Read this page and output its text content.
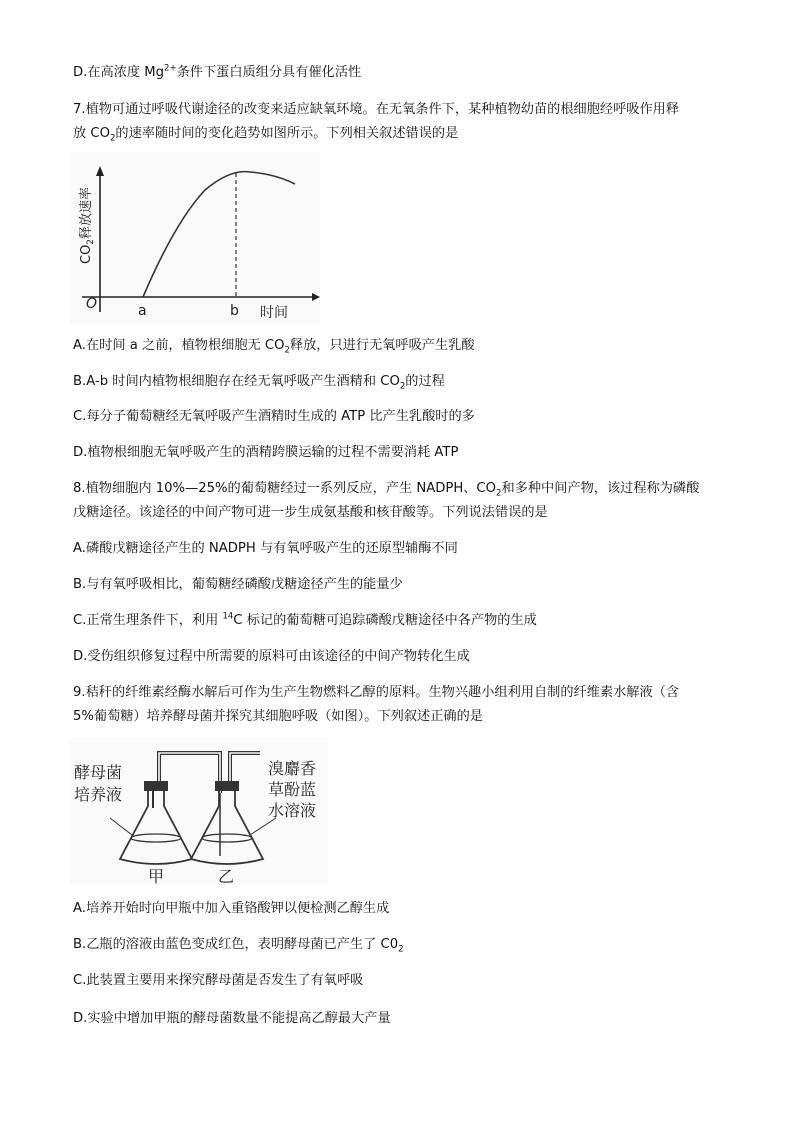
D.在高浓度 $Mg^{2+}$条件下蛋白质组分具有催化活性
7.植物可通过呼吸代谢途径的改变来适应缺氧环境。在无氧条件下，某种植物幼苗的根细胞经呼吸作用释
放 $CO_2$的速率随时间的变化趋势如图所示。下列相关叙述错误的是
O	a	b 时间
$CO_2$释放速率
A.在时间 a 之前，植物根细胞无 $CO_2$释放，只进行无氧呼吸产生乳酸
B.A-b 时间内植物根细胞存在经无氧呼吸产生酒精和 $CO_2$的过程
C.每分子葡萄糖经无氧呼吸产生酒精时生成的 ATP 比产生乳酸时的多
D.植物根细胞无氧呼吸产生的酒精跨膜运输的过程不需要消耗 ATP
8.植物细胞内 10%—25%的葡萄糖经过一系列反应，产生 NADPH、$CO_2$和多种中间产物，该过程称为磷酸
戊糖途径。该途径的中间产物可进一步生成氨基酸和核苷酸等。下列说法错误的是
A.磷酸戊糖途径产生的 NADPH 与有氧呼吸产生的还原型辅酶不同
B.与有氧呼吸相比，葡萄糖经磷酸戊糖途径产生的能量少
C.正常生理条件下，利用 $^{14}$C 标记的葡萄糖可追踪磷酸戊糖途径中各产物的生成
D.受伤组织修复过程中所需要的原料可由该途径的中间产物转化生成
9.秸秆的纤维素经酶水解后可作为生产生物燃料乙醇的原料。生物兴趣小组利用自制的纤维素水解液（含
5%葡萄糖）培养酵母菌并探究其细胞呼吸（如图）。下列叙述正确的是
酵母菌
培养液
溴麝香
草酚蓝
水溶液
甲	乙
A.培养开始时向甲瓶中加入重铬酸钾以便检测乙醇生成
B.乙瓶的溶液由蓝色变成红色，表明酵母菌已产生了 $C0_2$
C.此装置主要用来探究酵母菌是否发生了有氧呼吸
D.实验中增加甲瓶的酵母菌数量不能提高乙醇最大产量
